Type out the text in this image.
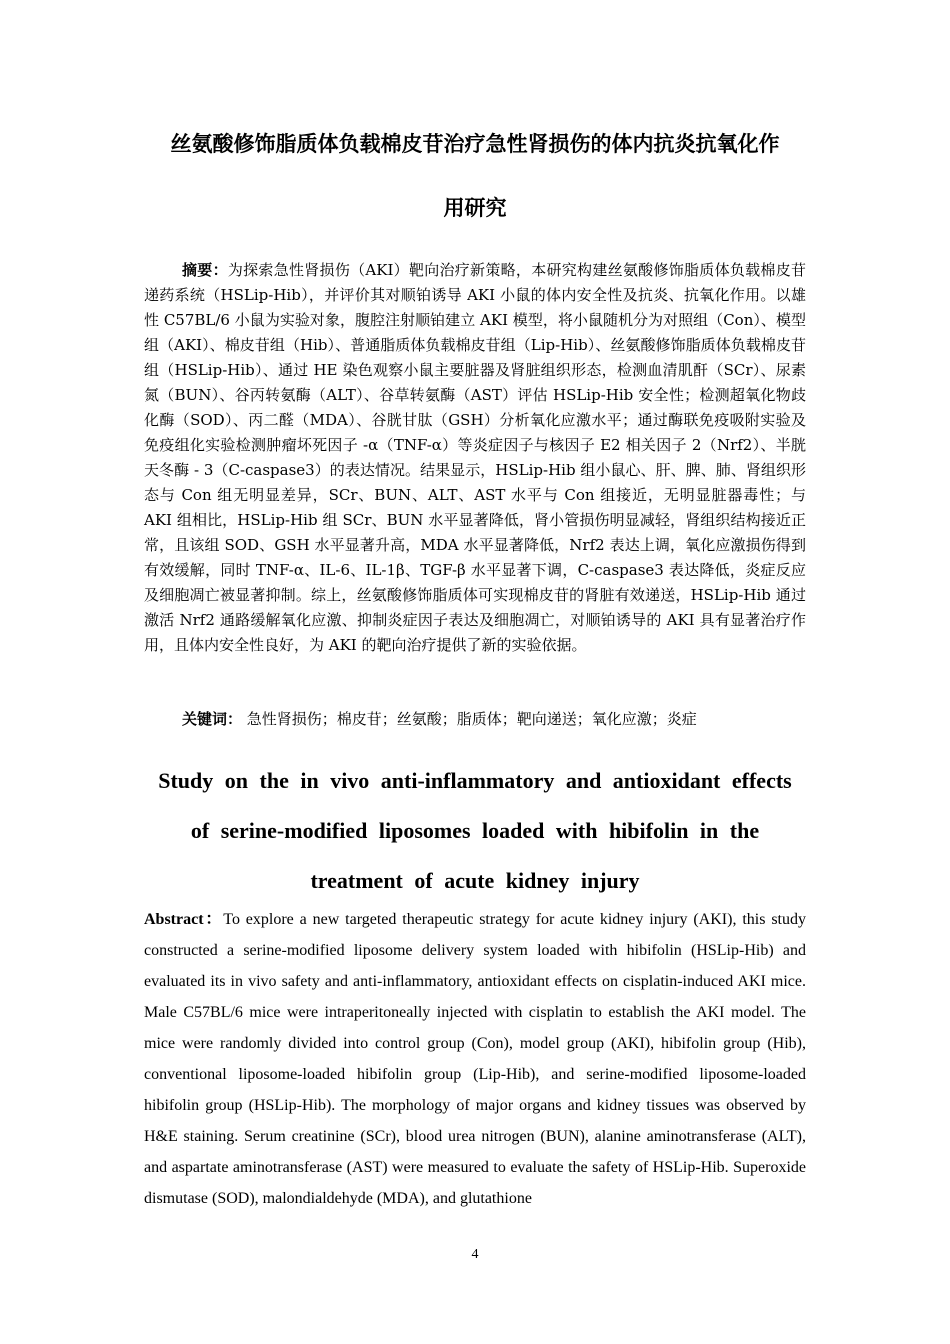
丝氨酸修饰脂质体负载棉皮苷治疗急性肾损伤的体内抗炎抗氧化作
用研究
摘要：为探索急性肾损伤（AKI）靶向治疗新策略，本研究构建丝氨酸修饰脂质体负载棉皮苷递药系统（HSLip-Hib），并评价其对顺铂诱导 AKI 小鼠的体内安全性及抗炎、抗氧化作用。以雄性 C57BL/6 小鼠为实验对象，腹腔注射顺铂建立 AKI 模型，将小鼠随机分为对照组（Con）、模型组（AKI）、棉皮苷组（Hib）、普通脂质体负载棉皮苷组（Lip-Hib）、丝氨酸修饰脂质体负载棉皮苷组（HSLip-Hib）、通过 HE 染色观察小鼠主要脏器及肾脏组织形态，检测血清肌酐（SCr）、尿素氮（BUN）、谷丙转氨酶（ALT）、谷草转氨酶（AST）评估 HSLip-Hib 安全性；检测超氧化物歧化酶（SOD）、丙二醛（MDA）、谷胱甘肽（GSH）分析氧化应激水平；通过酶联免疫吸附实验及免疫组化实验检测肿瘤坏死因子 -α（TNF-α）等炎症因子与核因子 E2 相关因子 2（Nrf2）、半胱天冬酶 - 3（C-caspase3）的表达情况。结果显示，HSLip-Hib 组小鼠心、肝、脾、肺、肾组织形态与 Con 组无明显差异，SCr、BUN、ALT、AST 水平与 Con 组接近，无明显脏器毒性；与 AKI 组相比，HSLip-Hib 组 SCr、BUN 水平显著降低，肾小管损伤明显减轻，肾组织结构接近正常，且该组 SOD、GSH 水平显著升高，MDA 水平显著降低，Nrf2 表达上调，氧化应激损伤得到有效缓解，同时 TNF-α、IL-6、IL-1β、TGF-β 水平显著下调，C-caspase3 表达降低，炎症反应及细胞凋亡被显著抑制。综上，丝氨酸修饰脂质体可实现棉皮苷的肾脏有效递送，HSLip-Hib 通过激活 Nrf2 通路缓解氧化应激、抑制炎症因子表达及细胞凋亡，对顺铂诱导的 AKI 具有显著治疗作用，且体内安全性良好，为 AKI 的靶向治疗提供了新的实验依据。
关键词： 急性肾损伤；棉皮苷；丝氨酸；脂质体；靶向递送；氧化应激；炎症
Study on the in vivo anti-inflammatory and antioxidant effects
of serine-modified liposomes loaded with hibifolin in the
treatment of acute kidney injury
Abstract：To explore a new targeted therapeutic strategy for acute kidney injury (AKI), this study constructed a serine-modified liposome delivery system loaded with hibifolin (HSLip-Hib) and evaluated its in vivo safety and anti-inflammatory, antioxidant effects on cisplatin-induced AKI mice. Male C57BL/6 mice were intraperitoneally injected with cisplatin to establish the AKI model. The mice were randomly divided into control group (Con), model group (AKI), hibifolin group (Hib), conventional liposome-loaded hibifolin group (Lip-Hib), and serine-modified liposome-loaded hibifolin group (HSLip-Hib). The morphology of major organs and kidney tissues was observed by H&E staining. Serum creatinine (SCr), blood urea nitrogen (BUN), alanine aminotransferase (ALT), and aspartate aminotransferase (AST) were measured to evaluate the safety of HSLip-Hib. Superoxide dismutase (SOD), malondialdehyde (MDA), and glutathione
4
